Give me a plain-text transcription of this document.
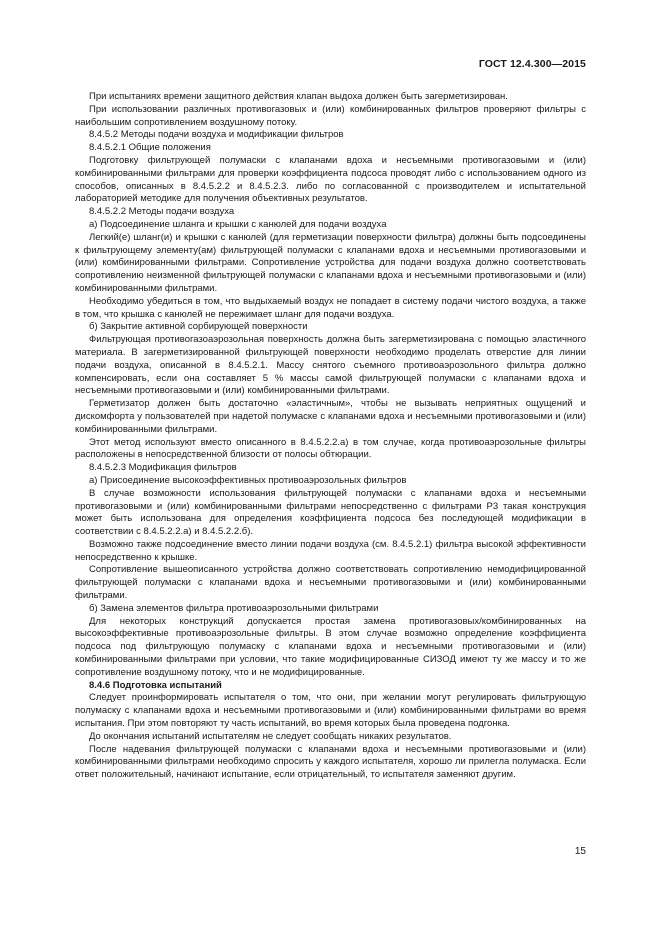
ГОСТ 12.4.300—2015

При испытаниях времени защитного действия клапан выдоха должен быть загерметизирован.

При использовании различных противогазовых и (или) комбинированных фильтров проверяют фильтры с наибольшим сопротивлением воздушному потоку.

8.4.5.2 Методы подачи воздуха и модификации фильтров

8.4.5.2.1 Общие положения

Подготовку фильтрующей полумаски с клапанами вдоха и несъемными противогазовыми и (или) комбинированными фильтрами для проверки коэффициента подсоса проводят либо с использованием одного из способов, описанных в 8.4.5.2.2 и 8.4.5.2.3. либо по согласованной с производителем и испытательной лабораторией методике для получения объективных результатов.

8.4.5.2.2 Методы подачи воздуха

а) Подсоединение шланга и крышки с канюлей для подачи воздуха

Легкий(е) шланг(и) и крышки с канюлей (для герметизации поверхности фильтра) должны быть подсоединены к фильтрующему элементу(ам) фильтрующей полумаски с клапанами вдоха и несъемными противогазовыми и (или) комбинированными фильтрами. Сопротивление устройства для подачи воздуха должно соответствовать сопротивлению неизменной фильтрующей полумаски с клапанами вдоха и несъемными противогазовыми и (или) комбинированными фильтрами.

Необходимо убедиться в том, что выдыхаемый воздух не попадает в систему подачи чистого воздуха, а также в том, что крышка с канюлей не пережимает шланг для подачи воздуха.

б) Закрытие активной сорбирующей поверхности

Фильтрующая противогазоаэрозольная поверхность должна быть загерметизирована с помощью эластичного материала. В загерметизированной фильтрующей поверхности необходимо проделать отверстие для линии подачи воздуха, описанной в 8.4.5.2.1. Массу снятого съемного противоаэрозольного фильтра должно компенсировать, если она составляет 5 % массы самой фильтрующей полумаски с клапанами вдоха и несъемными противогазовыми и (или) комбинированными фильтрами.

Герметизатор должен быть достаточно «эластичным», чтобы не вызывать неприятных ощущений и дискомфорта у пользователей при надетой полумаске с клапанами вдоха и несъемными противогазовыми и (или) комбинированными фильтрами.

Этот метод используют вместо описанного в 8.4.5.2.2.а) в том случае, когда противоаэрозольные фильтры расположены в непосредственной близости от полосы обтюрации.

8.4.5.2.3 Модификация фильтров

а) Присоединение высокоэффективных противоаэрозольных фильтров

В случае возможности использования фильтрующей полумаски с клапанами вдоха и несъемными противогазовыми и (или) комбинированными фильтрами непосредственно с фильтрами Р3 такая конструкция может быть использована для определения коэффициента подсоса без последующей модификации в соответствии с 8.4.5.2.2.а) и 8.4.5.2.2.б).

Возможно также подсоединение вместо линии подачи воздуха (см. 8.4.5.2.1) фильтра высокой эффективности непосредственно к крышке.

Сопротивление вышеописанного устройства должно соответствовать сопротивлению немодифицированной фильтрующей полумаски с клапанами вдоха и несъемными противогазовыми и (или) комбинированными фильтрами.

б) Замена элементов фильтра противоаэрозольными фильтрами

Для некоторых конструкций допускается простая замена противогазовых/комбинированных на высокоэффективные противоаэрозольные фильтры. В этом случае возможно определение коэффициента подсоса под фильтрующую полумаску с клапанами вдоха и несъемными противогазовыми и (или) комбинированными фильтрами при условии, что такие модифицированные СИЗОД имеют ту же массу и то же сопротивление воздушному потоку, что и не модифицированные.

8.4.6 Подготовка испытаний

Следует проинформировать испытателя о том, что они, при желании могут регулировать фильтрующую полумаску с клапанами вдоха и несъемными противогазовыми и (или) комбинированными фильтрами во время испытания. При этом повторяют ту часть испытаний, во время которых была проведена подгонка.

До окончания испытаний испытателям не следует сообщать никаких результатов.

После надевания фильтрующей полумаски с клапанами вдоха и несъемными противогазовыми и (или) комбинированными фильтрами необходимо спросить у каждого испытателя, хорошо ли прилегла полумаска. Если ответ положительный, начинают испытание, если отрицательный, то испытателя заменяют другим.

15
